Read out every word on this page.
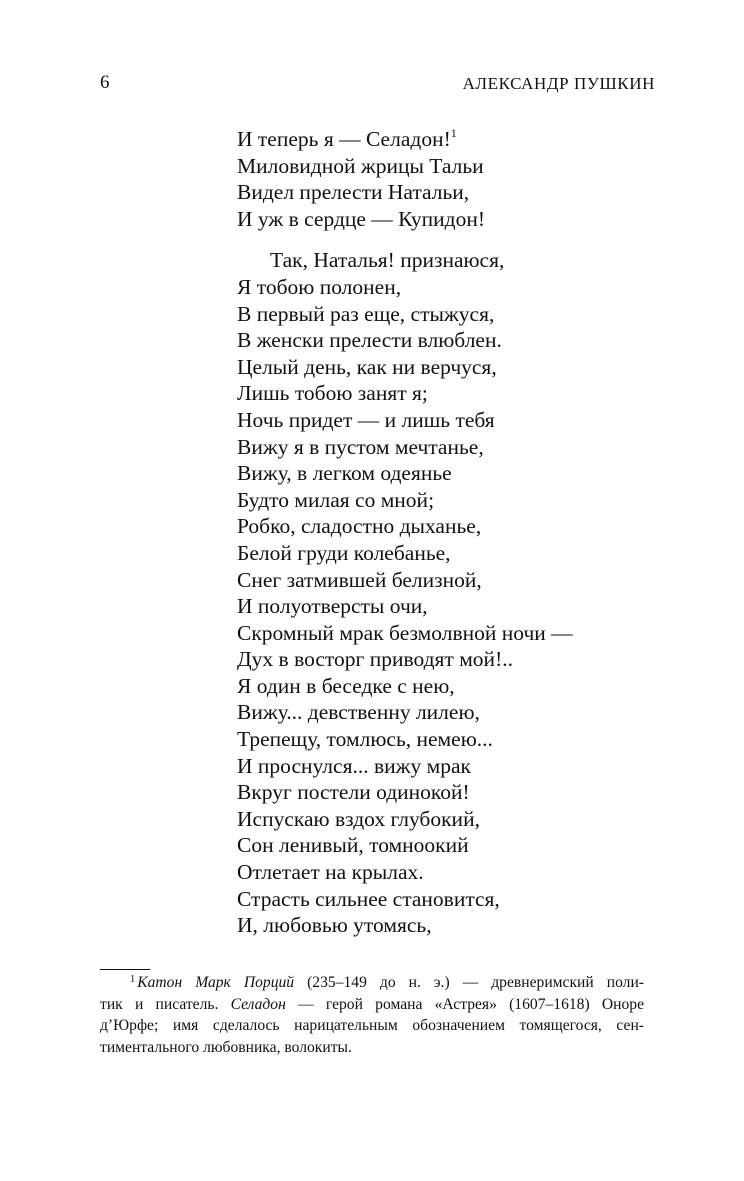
6	АЛЕКСАНДР ПУШКИН
И теперь я — Селадон!$^1$
Миловидной жрицы Тальи
Видел прелести Натальи,
И уж в сердце — Купидон!
Так, Наталья! признаюся,
Я тобою полонен,
В первый раз еще, стыжуся,
В женски прелести влюблен.
Целый день, как ни верчуся,
Лишь тобою занят я;
Ночь придет — и лишь тебя
Вижу я в пустом мечтанье,
Вижу, в легком одеянье
Будто милая со мной;
Робко, сладостно дыханье,
Белой груди колебанье,
Снег затмившей белизной,
И полуотверсты очи,
Скромный мрак безмолвной ночи —
Дух в восторг приводят мой!..
Я один в беседке с нею,
Вижу... девственну лилею,
Трепещу, томлюсь, немею...
И проснулся... вижу мрак
Вкруг постели одинокой!
Испускаю вздох глубокий,
Сон ленивый, томноокий
Отлетает на крылах.
Страсть сильнее становится,
И, любовью утомясь,
$^1$ Катон Марк Порций (235–149 до н. э.) — древнеримский поли-
тик и писатель. Селадон — герой романа «Астрея» (1607–1618) Оноре
д’Юрфе; имя сделалось нарицательным обозначением томящегося, сен-
тиментального любовника, волокиты.
